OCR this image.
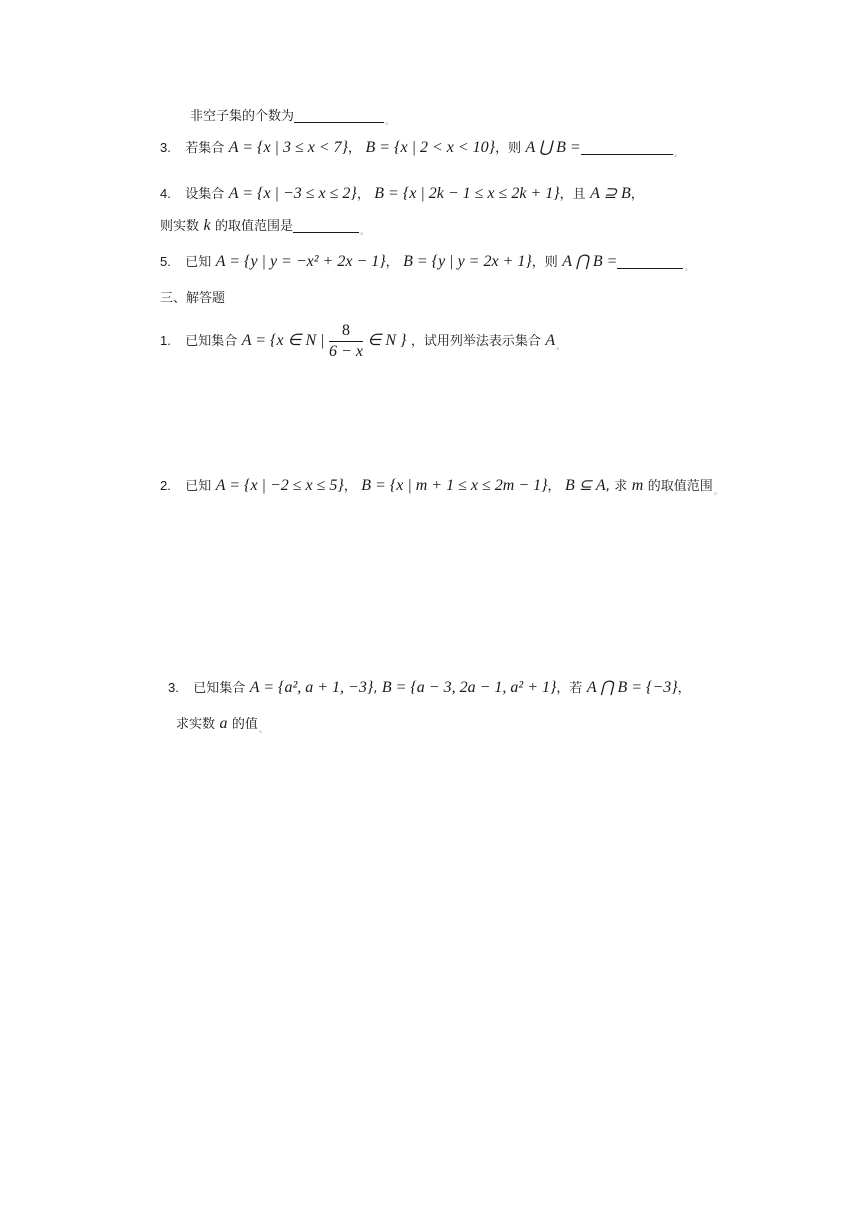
非空子集的个数为	$_。$
3. 若集合 A = {x | 3 ≤ x < 7}， B = {x | 2 < x < 10}，则 A ⋃ B =	$_。$
4. 设集合 A = {x | −3 ≤ x ≤ 2}， B = {x | 2k − 1 ≤ x ≤ 2k + 1}，且 A ⊇ B，
则实数 k 的取值范围是	$_。$
5. 已知 A = {y | y = −x² + 2x − 1}， B = {y | y = 2x + 1}，则 A ⋂ B =	$_。$
三、解答题
1. 已知集合 A = {x ∈ N | $\frac{8}{6 - x}$ ∈ N } ，试用列举法表示集合 $A_。$
2. 已知 A = {x | −2 ≤ x ≤ 5}， B = {x | m + 1 ≤ x ≤ 2m − 1}， B ⊆ A, 求 m 的取值范围$_。$
3. 已知集合 A = {a², a + 1, −3}, B = {a − 3, 2a − 1, a² + 1}，若 A ⋂ B = {−3}，
求实数 a 的值$_。$
